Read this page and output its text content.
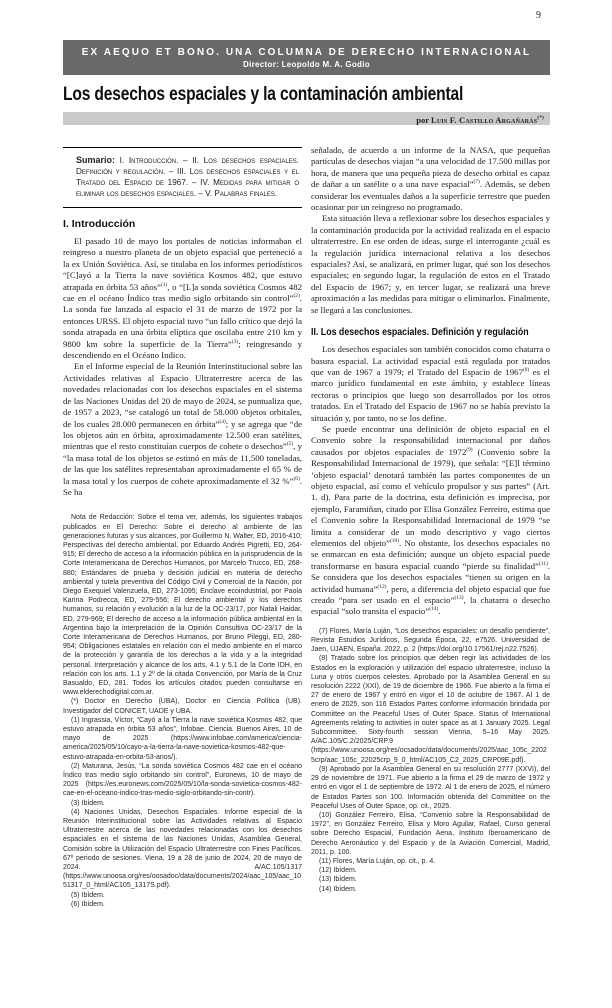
9
EX AEQUO ET BONO. UNA COLUMNA DE DERECHO INTERNACIONAL
Director: Leopoldo M. A. Godio
Los desechos espaciales y la contaminación ambiental
por Luis F. Castillo Argañarás(*)
Sumario: I. Introducción. – II. Los desechos espaciales. Definición y regulación. – III. Los desechos espaciales y el Tratado del Espacio de 1967. – IV. Medidas para mitigar o eliminar los desechos espaciales. – V. Palabras finales.
I. Introducción

El pasado 10 de mayo los portales de noticias informaban el reingreso a nuestro planeta de un objeto espacial que perteneció a la ex Unión Soviética. Así, se titulaba en los informes periodísticos “[C]ayó a la Tierra la nave soviética Kosmos 482, que estuvo atrapada en órbita 53 años”$^{(1)}$, o “[L]a sonda soviética Cosmos 482 cae en el océano Índico tras medio siglo orbitando sin control”$^{(2)}$. La sonda fue lanzada al espacio el 31 de marzo de 1972 por la entonces URSS. El objeto espacial tuvo “un fallo crítico que dejó la sonda atrapada en una órbita elíptica que oscilaba entre 210 km y 9800 km sobre la superficie de la Tierra”$^{(3)}$; reingresando y descendiendo en el Océano Indico.

En el Informe especial de la Reunión Interinstitucional sobre las Actividades relativas al Espacio Ultraterrestre acerca de las novedades relacionadas con los desechos espaciales en el sistema de las Naciones Unidas del 20 de mayo de 2024, se puntualiza que, de 1957 a 2023, “se catalogó un total de 58.000 objetos orbitales, de los cuales 28.000 permanecen en órbita”$^{(4)}$; y se agrega que “de los objetos aún en órbita, aproximadamente 12.500 eran satélites, mientras que el resto constituían cuerpos de cohete o desechos”$^{(5)}$, y “la masa total de los objetos se estimó en más de 11.500 toneladas, de las que los satélites representaban aproximadamente el 65 % de la masa total y los cuerpos de cohete aproximadamente el 32 %”$^{(6)}$. Se ha

Nota de Redacción: Sobre el tema ver, además, los siguientes trabajos publicados en El Derecho: Sobre el derecho al ambiente de las generaciones futuras y sus alcances, por Guillermo N. Walter, ED, 2016-410; Perspectivas del derecho ambiental, por Eduardo Andrés Pigretti, ED, 264-915; El derecho de acceso a la información pública en la jurisprudencia de la Corte Interamericana de Derechos Humanos, por Marcelo Trucco, ED, 268-880; Estándares de prueba y decisión judicial en materia de derecho ambiental y tutela preventiva del Código Civil y Comercial de la Nación, por Diego Exequiel Valenzuela, ED, 273-1095; Enclave ecoindustrial, por Paola Karina Podrecca, ED, 279-556; El derecho ambiental y los derechos humanos, su relación y evolución a la luz de la OC-23/17, por Natali Haidar, ED, 279-969; El derecho de acceso a la información pública ambiental en la Argentina bajo la interpretación de la Opinión Consultiva OC-23/17 de la Corte Interamericana de Derechos Humanos, por Bruno Pileggi, ED, 280-954; Obligaciones estatales en relación con el medio ambiente en el marco de la protección y garantía de los derechos a la vida y a la integridad personal. Interpretación y alcance de los arts. 4.1 y 5.1 de la Corte IDH, en relación con los arts. 1.1 y 2º de la citada Convención, por María de la Cruz Basualdo, ED, 281. Todos los artículos citados pueden consultarse en www.elderechodigital.com.ar.

(*) Doctor en Derecho (UBA), Doctor en Ciencia Política (UB). Investigador del CONICET, UADE y UBA.

(1) Ingrassia, Víctor, “Cayó a la Tierra la nave soviética Kosmos 482, que estuvo atrapada en órbita 53 años”, Infobae. Ciencia. Buenos Aires, 10 de mayo de 2025 (https://www.infobae.com/america/ciencia-america/2025/05/10/cayo-a-la-tierra-la-nave-sovietica-kosmos-482-que-estuvo-atrapada-en-orbita-53-anos/).

(2) Maturana, Jesús, “La sonda soviética Cosmos 482 cae en el océano Índico tras medio siglo orbitando sin control”, Euronews, 10 de mayo de 2025 (https://es.euronews.com/2025/05/10/la-sonda-sovietica-cosmos-482-cae-en-el-oceano-indico-tras-medio-siglo-orbitando-sin-contr).

(3) Ibídem.

(4) Naciones Unidas, Desechos Espaciales. Informe especial de la Reunión Interinstitucional sobre las Actividades relativas al Espacio Ultraterrestre acerca de las novedades relacionadas con los desechos espaciales en el sistema de las Naciones Unidas, Asamblea General, Comisión sobre la Utilización del Espacio Ultraterrestre con Fines Pacíficos. 67º periodo de sesiones. Viena, 19 a 28 de junio de 2024, 20 de mayo de 2024. A/AC.105/1317 (https://www.unoosa.org/res/oosadoc/data/documents/2024/aac_105/aac_1051317_0_html/AC105_1317S.pdf).

(5) Ibídem.

(6) Ibídem.

señalado, de acuerdo a un informe de la NASA, que pequeñas partículas de desechos viajan “a una velocidad de 17.500 millas por hora, de manera que una pequeña pieza de desecho orbital es capaz de dañar a un satélite o a una nave espacial”$^{(7)}$. Además, se deben considerar los eventuales daños a la superficie terrestre que pueden ocasionar por un reingreso no programado.

Esta situación lleva a reflexionar sobre los desechos espaciales y la contaminación producida por la actividad realizada en el espacio ultraterrestre. En ese orden de ideas, surge el interrogante ¿cuál es la regulación jurídica internacional relativa a los desechos espaciales? Así, se analizará, en primer lugar, qué son los desechos espaciales; en segundo lugar, la regulación de estos en el Tratado del Espacio de 1967; y, en tercer lugar, se realizará una breve aproximación a las medidas para mitigar o eliminarlos. Finalmente, se llegará a las conclusiones.

II. Los desechos espaciales. Definición y regulación

Los desechos espaciales son también conocidos como chatarra o basura espacial. La actividad espacial está regulada por tratados que van de 1967 a 1979; el Tratado del Espacio de 1967$^{(8)}$ es el marco jurídico fundamental en este ámbito, y establece líneas rectoras o principios que luego son desarrollados por los otros tratados. En el Tratado del Espacio de 1967 no se había previsto la situación y, por tanto, no se los define.

Se puede encontrar una definición de objeto espacial en el Convenio sobre la responsabilidad internacional por daños causados por objetos espaciales de 1972$^{(9)}$ (Convenio sobre la Responsabilidad Internacional de 1979), que señala: “[E]l término ‘objeto espacial’ denotará también las partes componentes de un objeto espacial, así como el vehículo propulsor y sus partes” (Art. 1. d). Para parte de la doctrina, esta definición es imprecisa, por ejemplo, Faramiñan, citado por Elisa González Ferreiro, estima que el Convenio sobre la Responsabilidad Internacional de 1979 “se limita a considerar de un modo descriptivo y vago ciertos elementos del objeto”$^{(10)}$. No obstante, los desechos espaciales no se enmarcan en esta definición; aunque un objeto espacial puede transformarse en basura espacial cuando “pierde su finalidad”$^{(11)}$. Se considera que los desechos espaciales “tienen su origen en la actividad humana”$^{(12)}$, pero, a diferencia del objeto espacial que fue creado “para ser usado en el espacio”$^{(13)}$, la chatarra o desecho espacial “solo transita el espacio”$^{(14)}$.

(7) Flores, María Luján, “Los desechos espaciales: un desafío pendiente”, Revista Estudios Jurídicos, Segunda Época, 22, e7526. Universidad de Jaen, UJAEN, España. 2022, p. 2 (https://doi.org/10.17561/rej.n22.7526).

(8) Tratado sobre los principios que deben regir las actividades de los Estados en la exploración y utilización del espacio ultraterrestre, incluso la Luna y otros cuerpos celestes. Aprobado por la Asamblea General en su resolución 2222 (XXI), de 19 de diciembre de 1966. Fue abierto a la firma el 27 de enero de 1967 y entró en vigor el 10 de octubre de 1967. Al 1 de enero de 2025, son 116 Estados Partes conforme información brindada por Committee on the Peaceful Uses of Outer Space. Status of International Agreements relating to activities in outer space as at 1 January 2025. Legal Subcommittee. Sixty-fourth session Vienna, 5–16 May 2025. A/AC.105/C.2/2025/CRP.9 (https://www.unoosa.org/res/ocsadoc/data/documents/2025/aac_105c_22025crp/aac_105c_22025crp_9_0_html/AC105_C2_2025_CRP09E.pdf).

(9) Aprobado por la Asamblea General en su resolución 2777 (XXVI), del 29 de noviembre de 1971. Fue abierto a la firma el 29 de marzo de 1972 y entró en vigor el 1 de septiembre de 1972. Al 1 de enero de 2025, el número de Estados Partes son 100. Información obtenida del Committee on the Peaceful Uses of Outer Space, op. cit., 2025.

(10) González Ferreiro, Elisa, “Convenio sobre la Responsabilidad de 1972”, en González Ferreiro, Elisa y Moro Aguilar, Rafael, Curso general sobre Derecho Espacial, Fundación Aena, Instituto Iberoamericano de Derecho Aeronáutico y del Espacio y de la Aviación Comercial, Madrid, 2011, p. 100.

(11) Flores, María Luján, op. cit., p. 4.

(12) Ibídem.

(13) Ibídem.

(14) Ibídem.
